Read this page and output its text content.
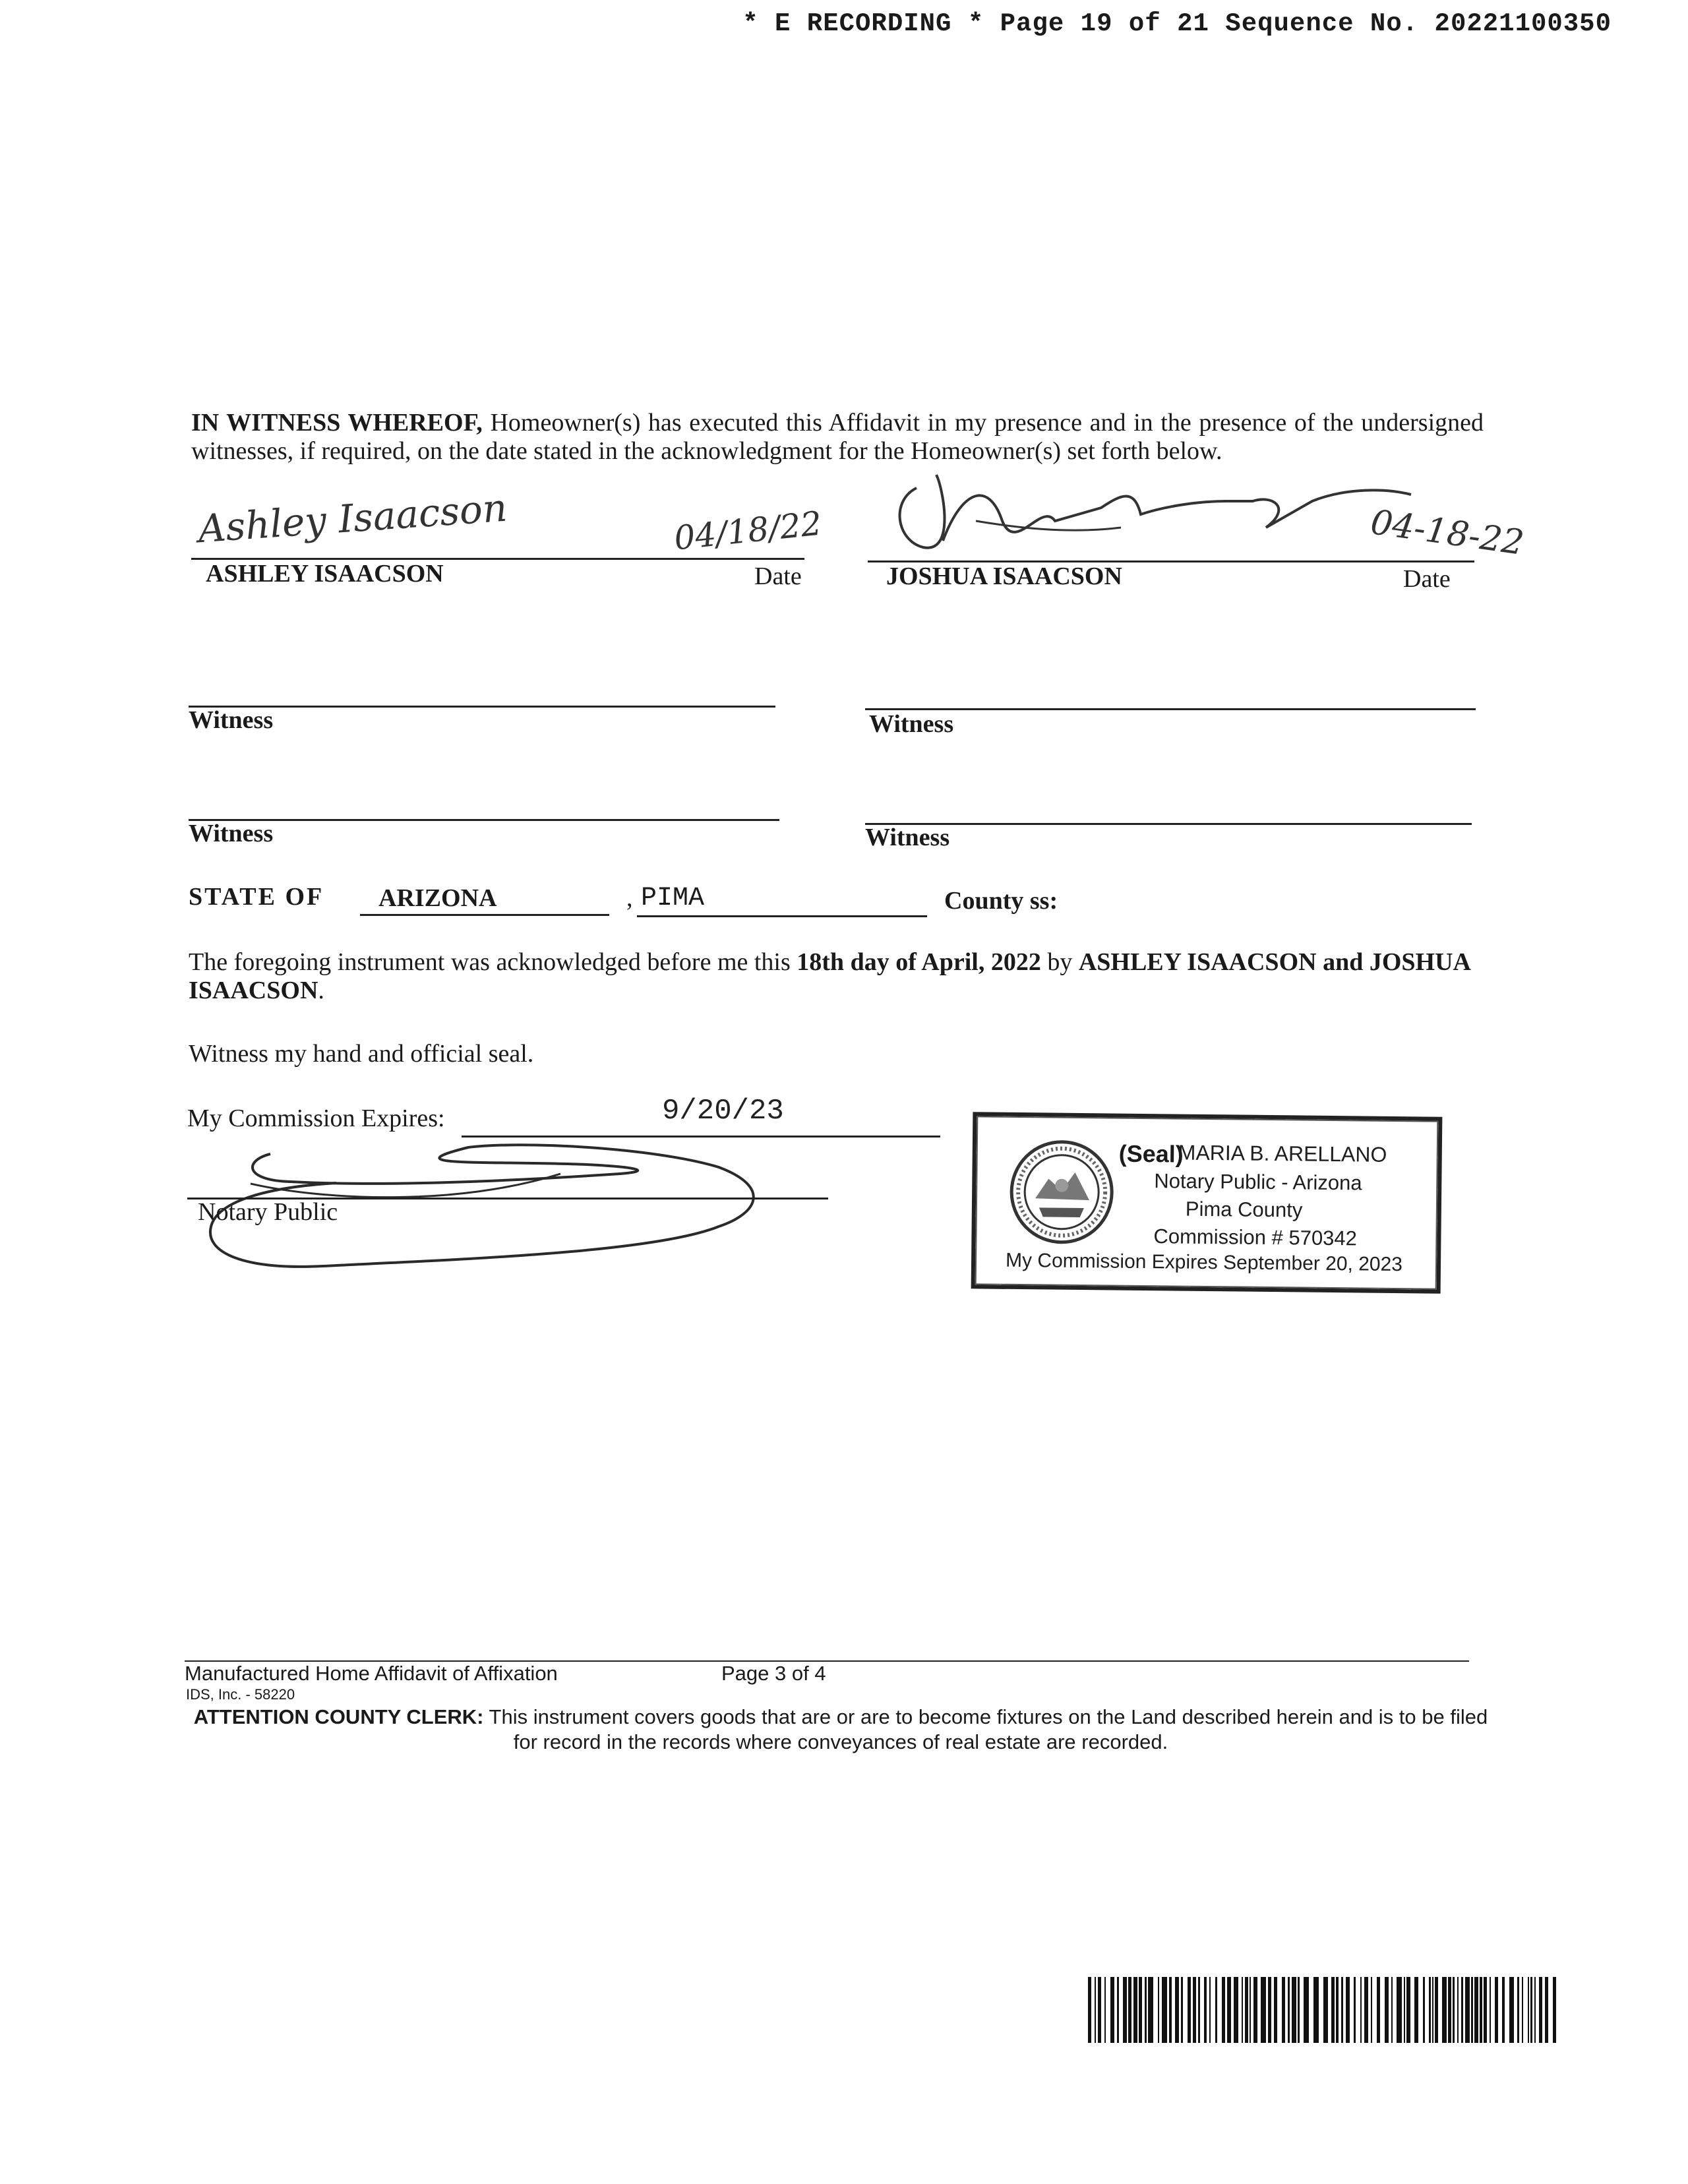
* E RECORDING * Page 19 of 21 Sequence No. 20221100350
IN WITNESS WHEREOF, Homeowner(s) has executed this Affidavit in my presence and in the presence of the undersigned witnesses, if required, on the date stated in the acknowledgment for the Homeowner(s) set forth below.
Ashley Isaacson	04/18/22
ASHLEY ISAACSON	Date
04-18-22
JOSHUA ISAACSON	Date
Witness	Witness
Witness	Witness
STATE OF ARIZONA	, PIMA	County ss:
The foregoing instrument was acknowledged before me this 18th day of April, 2022 by ASHLEY ISAACSON and JOSHUA ISAACSON.
Witness my hand and official seal.
My Commission Expires:	9/20/23
Notary Public
(Seal)
MARIA B. ARELLANO
Notary Public - Arizona
Pima County
Commission # 570342
My Commission Expires September 20, 2023
Manufactured Home Affidavit of Affixation	Page 3 of 4
IDS, Inc. - 58220
ATTENTION COUNTY CLERK: This instrument covers goods that are or are to become fixtures on the Land described herein and is to be filed for record in the records where conveyances of real estate are recorded.
